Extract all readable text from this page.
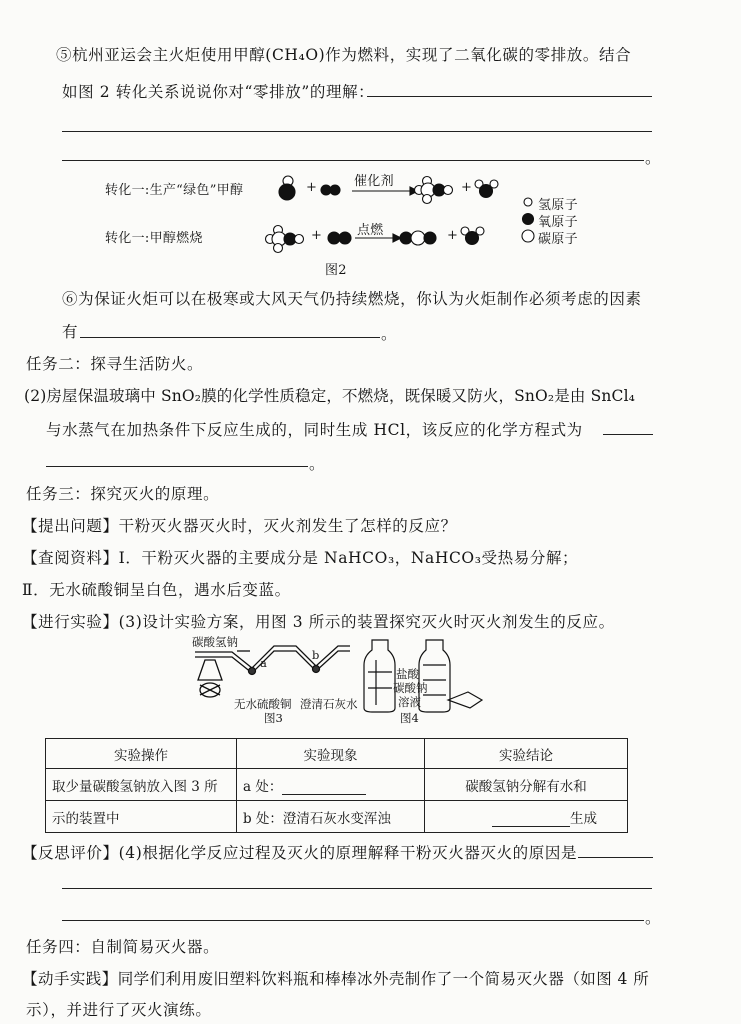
⑤杭州亚运会主火炬使用甲醇(CH₄O)作为燃料，实现了二氧化碳的零排放。结合
如图 2 转化关系说说你对“零排放”的理解：
。
转化一:生产“绿色”甲醇
转化一:甲醇燃烧
催化剂
点燃
+	+
+	+
氢原子
氧原子
碳原子
图2
⑥为保证火炬可以在极寒或大风天气仍持续燃烧，你认为火炬制作必须考虑的因素
有	。
任务二：探寻生活防火。
(2)房屋保温玻璃中 SnO₂膜的化学性质稳定，不燃烧，既保暖又防火，SnO₂是由 SnCl₄
与水蒸气在加热条件下反应生成的，同时生成 HCl，该反应的化学方程式为
。
任务三：探究灭火的原理。
【提出问题】干粉灭火器灭火时，灭火剂发生了怎样的反应？
【查阅资料】Ⅰ．干粉灭火器的主要成分是 NaHCO₃，NaHCO₃受热易分解；
Ⅱ．无水硫酸铜呈白色，遇水后变蓝。
【进行实验】(3)设计实验方案，用图 3 所示的装置探究灭火时灭火剂发生的反应。
碳酸氢钠
a
b
无水硫酸铜 澄清石灰水
图3
盐酸
碳酸钠
溶液
图4
实验操作	实验现象	实验结论
取少量碳酸氢钠放入图 3 所	a 处：	碳酸氢钠分解有水和
示的装置中	b 处：澄清石灰水变浑浊	生成
【反思评价】(4)根据化学反应过程及灭火的原理解释干粉灭火器灭火的原因是
。
任务四：自制简易灭火器。
【动手实践】同学们利用废旧塑料饮料瓶和棒棒冰外壳制作了一个简易灭火器（如图 4 所
示），并进行了灭火演练。
